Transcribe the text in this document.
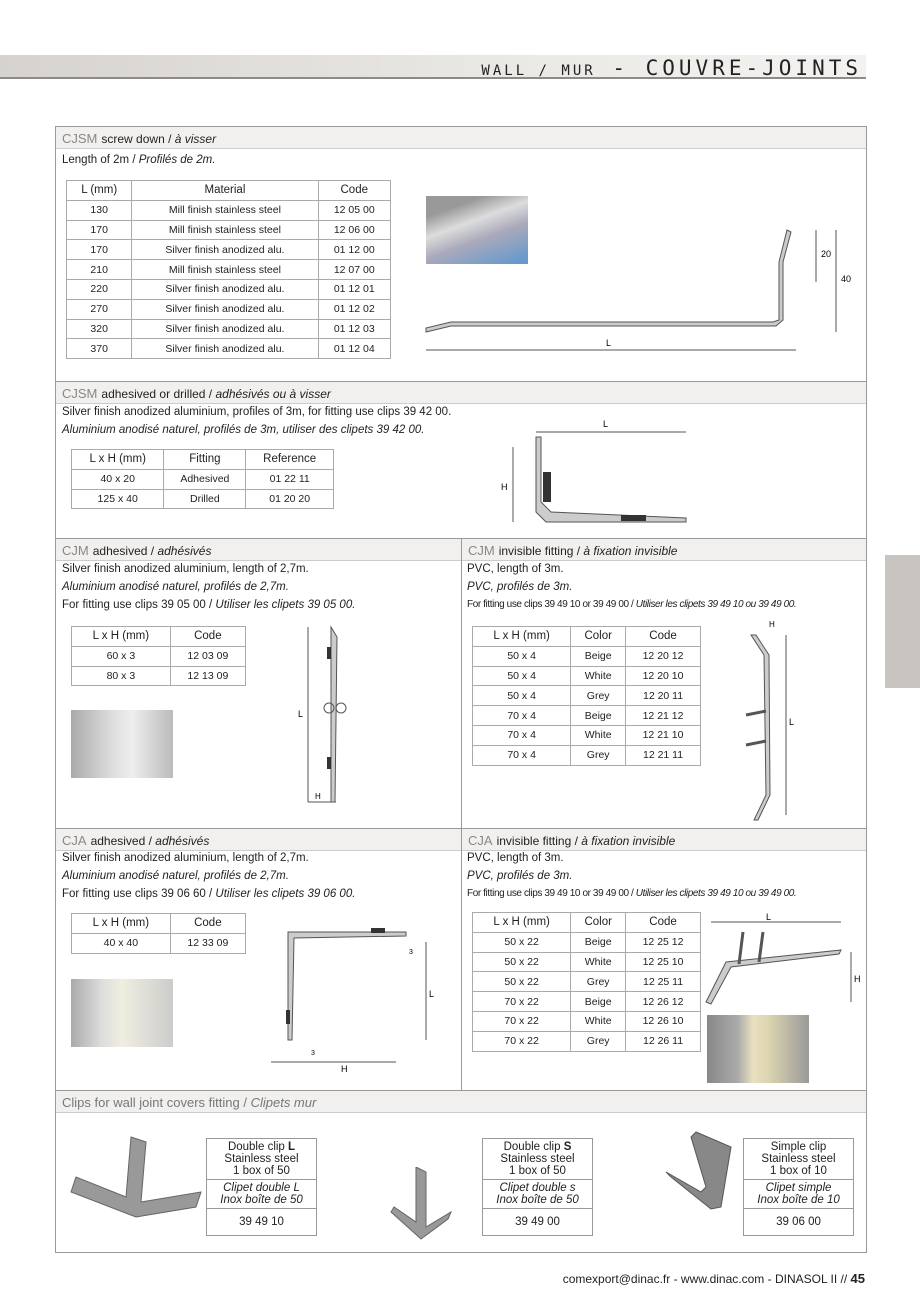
WALL / MUR - COUVRE-JOINTS
CJSM screw down / à visser
Length of 2m / Profilés de 2m.
L (mm)	Material	Code
130	Mill finish stainless steel	12 05 00
170	Mill finish stainless steel	12 06 00
170	Silver finish anodized alu.	01 12 00
210	Mill finish stainless steel	12 07 00
220	Silver finish anodized alu.	01 12 01
270	Silver finish anodized alu.	01 12 02
320	Silver finish anodized alu.	01 12 03
370	Silver finish anodized alu.	01 12 04	L
20
40
CJSM adhesived or drilled / adhésivés ou à visser
Silver finish anodized aluminium, profiles of 3m, for fitting use clips 39 42 00.
Aluminium anodisé naturel, profilés de 3m, utiliser des clipets 39 42 00.
L x H (mm)	Fitting	Reference
40 x 20	Adhesived	01 22 11
125 x 40	Drilled	01 20 20
L
H
CJM adhesived / adhésivés
Silver finish anodized aluminium, length of 2,7m.
Aluminium anodisé naturel, profilés de 2,7m.
For fitting use clips 39 05 00 / Utiliser les clipets 39 05 00.
L x H (mm)	Code
60 x 3	12 03 09
80 x 3	12 13 09
L
H
CJM invisible fitting / à fixation invisible
PVC, length of 3m.
PVC, profilés de 3m.
For fitting use clips 39 49 10 or 39 49 00 / Utiliser les clipets 39 49 10 ou 39 49 00.
L x H (mm)	Color	Code
50 x 4	Beige	12 20 12
50 x 4	White	12 20 10
50 x 4	Grey	12 20 11
70 x 4	Beige	12 21 12
70 x 4	White	12 21 10
70 x 4	Grey	12 21 11
L
H
CJA adhesived / adhésivés
Silver finish anodized aluminium, length of 2,7m.
Aluminium anodisé naturel, profilés de 2,7m.
For fitting use clips 39 06 60 / Utiliser les clipets 39 06 00.
L x H (mm)	Code
40 x 40	12 33 09
H
L
3
3
CJA invisible fitting / à fixation invisible
PVC, length of 3m.
PVC, profilés de 3m.
For fitting use clips 39 49 10 or 39 49 00 / Utiliser les clipets 39 49 10 ou 39 49 00.
L x H (mm)	Color	Code
50 x 22	Beige	12 25 12
50 x 22	White	12 25 10
50 x 22	Grey	12 25 11
70 x 22	Beige	12 26 12
70 x 22	White	12 26 10
70 x 22	Grey	12 26 11
L
H
Clips for wall joint covers fitting / Clipets mur
Double clip L
Stainless steel
1 box of 50
Clipet double L
Inox boîte de 50
39 49 10
Double clip S
Stainless steel
1 box of 50
Clipet double s
Inox boîte de 50
39 49 00
Simple clip
Stainless steel
1 box of 10
Clipet simple
Inox boîte de 10
39 06 00
comexport@dinac.fr - www.dinac.com - DINASOL II // 45
